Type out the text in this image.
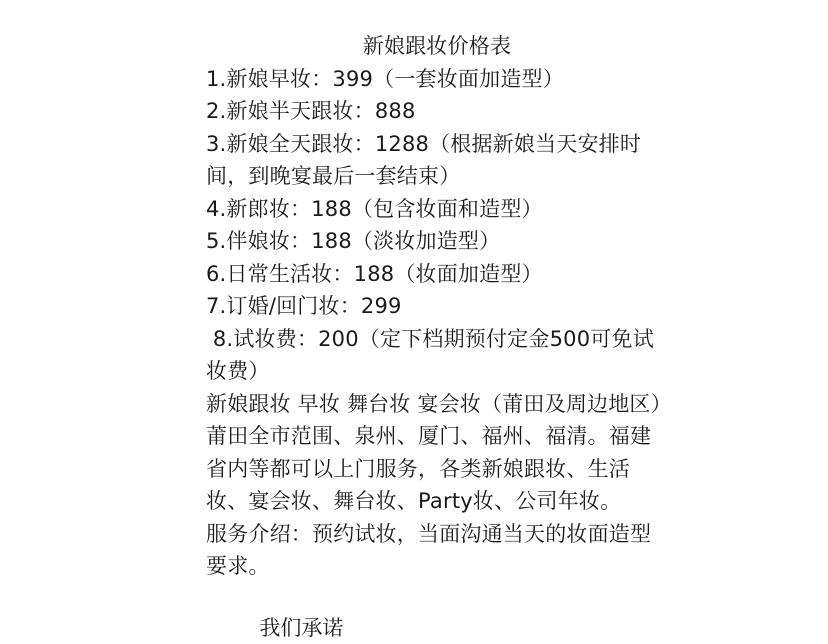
新娘跟妆价格表

1.新娘早妆：399（一套妆面加造型）

2.新娘半天跟妆：888

3.新娘全天跟妆：1288（根据新娘当天安排时间，到晚宴最后一套结束）

4.新郎妆：188（包含妆面和造型）

5.伴娘妆：188（淡妆加造型）

6.日常生活妆：188（妆面加造型）

7.订婚/回门妆：299

8.试妆费：200（定下档期预付定金500可免试妆费）

新娘跟妆 早妆 舞台妆 宴会妆（莆田及周边地区）

莆田全市范围、泉州、厦门、福州、福清。福建省内等都可以上门服务，各类新娘跟妆、生活妆、宴会妆、舞台妆、Party妆、公司年妆。

服务介绍：预约试妆，当面沟通当天的妆面造型要求。

我们承诺
